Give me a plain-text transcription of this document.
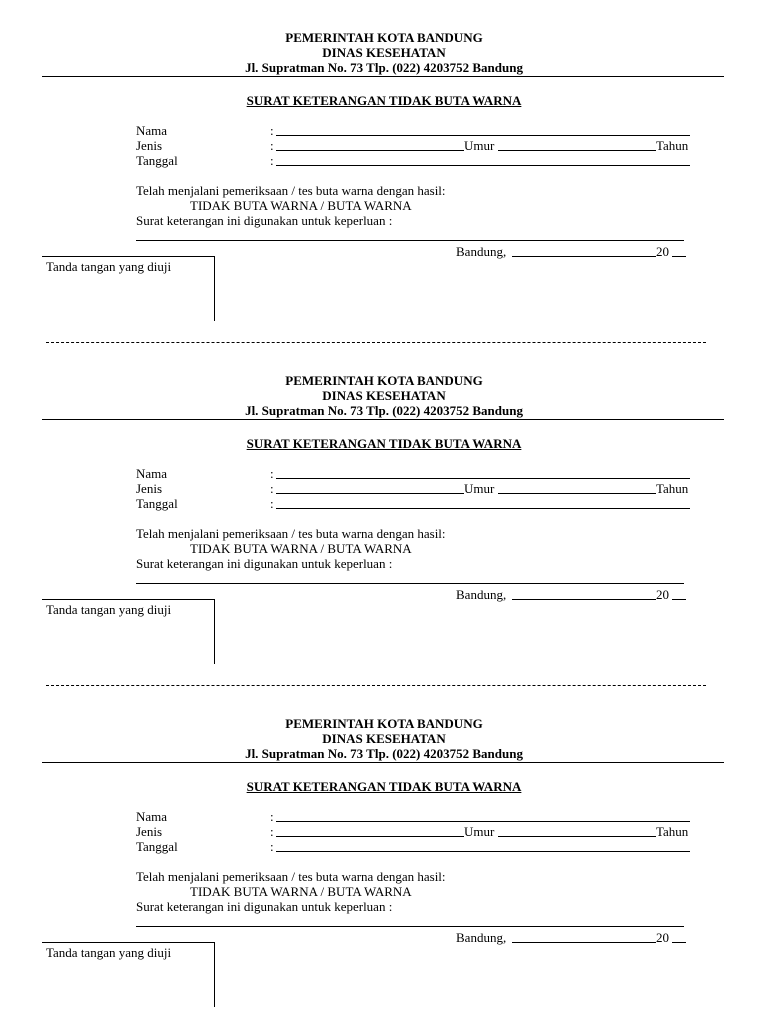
PEMERINTAH KOTA BANDUNG
DINAS KESEHATAN
Jl. Supratman No. 73 Tlp. (022) 4203752 Bandung
SURAT KETERANGAN TIDAK BUTA WARNA
Nama	:
Jenis	:	Umur	Tahun
Tanggal	:
Telah menjalani pemeriksaan / tes buta warna dengan hasil:
TIDAK BUTA WARNA / BUTA WARNA
Surat keterangan ini digunakan untuk keperluan :
Bandung,	20
Tanda tangan yang diuji
PEMERINTAH KOTA BANDUNG
DINAS KESEHATAN
Jl. Supratman No. 73 Tlp. (022) 4203752 Bandung
SURAT KETERANGAN TIDAK BUTA WARNA
Nama	:
Jenis	:	Umur	Tahun
Tanggal	:
Telah menjalani pemeriksaan / tes buta warna dengan hasil:
TIDAK BUTA WARNA / BUTA WARNA
Surat keterangan ini digunakan untuk keperluan :
Bandung,	20
Tanda tangan yang diuji
PEMERINTAH KOTA BANDUNG
DINAS KESEHATAN
Jl. Supratman No. 73 Tlp. (022) 4203752 Bandung
SURAT KETERANGAN TIDAK BUTA WARNA
Nama	:
Jenis	:	Umur	Tahun
Tanggal	:
Telah menjalani pemeriksaan / tes buta warna dengan hasil:
TIDAK BUTA WARNA / BUTA WARNA
Surat keterangan ini digunakan untuk keperluan :
Bandung,	20
Tanda tangan yang diuji
